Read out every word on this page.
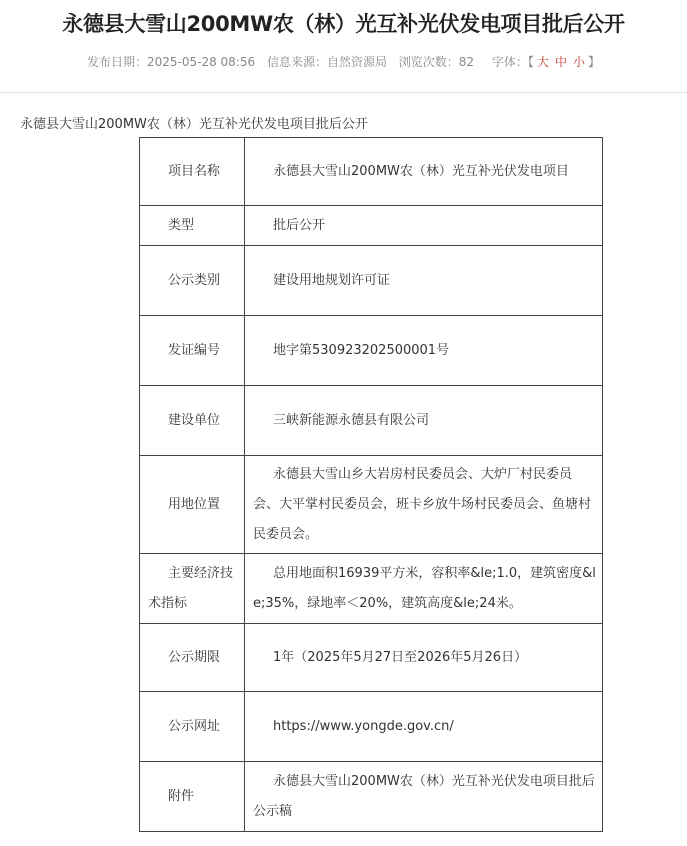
永德县大雪山200MW农（林）光互补光伏发电项目批后公开
发布日期：2025-05-28 08:56 信息来源：自然资源局 浏览次数：82 字体：【 大 中 小 】
永德县大雪山200MW农（林）光互补光伏发电项目批后公开
项目名称	永德县大雪山200MW农（林）光互补光伏发电项目
类型	批后公开
公示类别	建设用地规划许可证
发证编号	地字第530923202500001号
建设单位	三峡新能源永德县有限公司
用地位置	永德县大雪山乡大岩房村民委员会、大炉厂村民委员会、大平掌村民委员会，班卡乡放牛场村民委员会、鱼塘村民委员会。
主要经济技术指标	总用地面积16939平方米，容积率&le;1.0，建筑密度&le;35%，绿地率＜20%，建筑高度&le;24米。
公示期限	1年（2025年5月27日至2026年5月26日）
公示网址	https://www.yongde.gov.cn/
附件	永德县大雪山200MW农（林）光互补光伏发电项目批后公示稿
